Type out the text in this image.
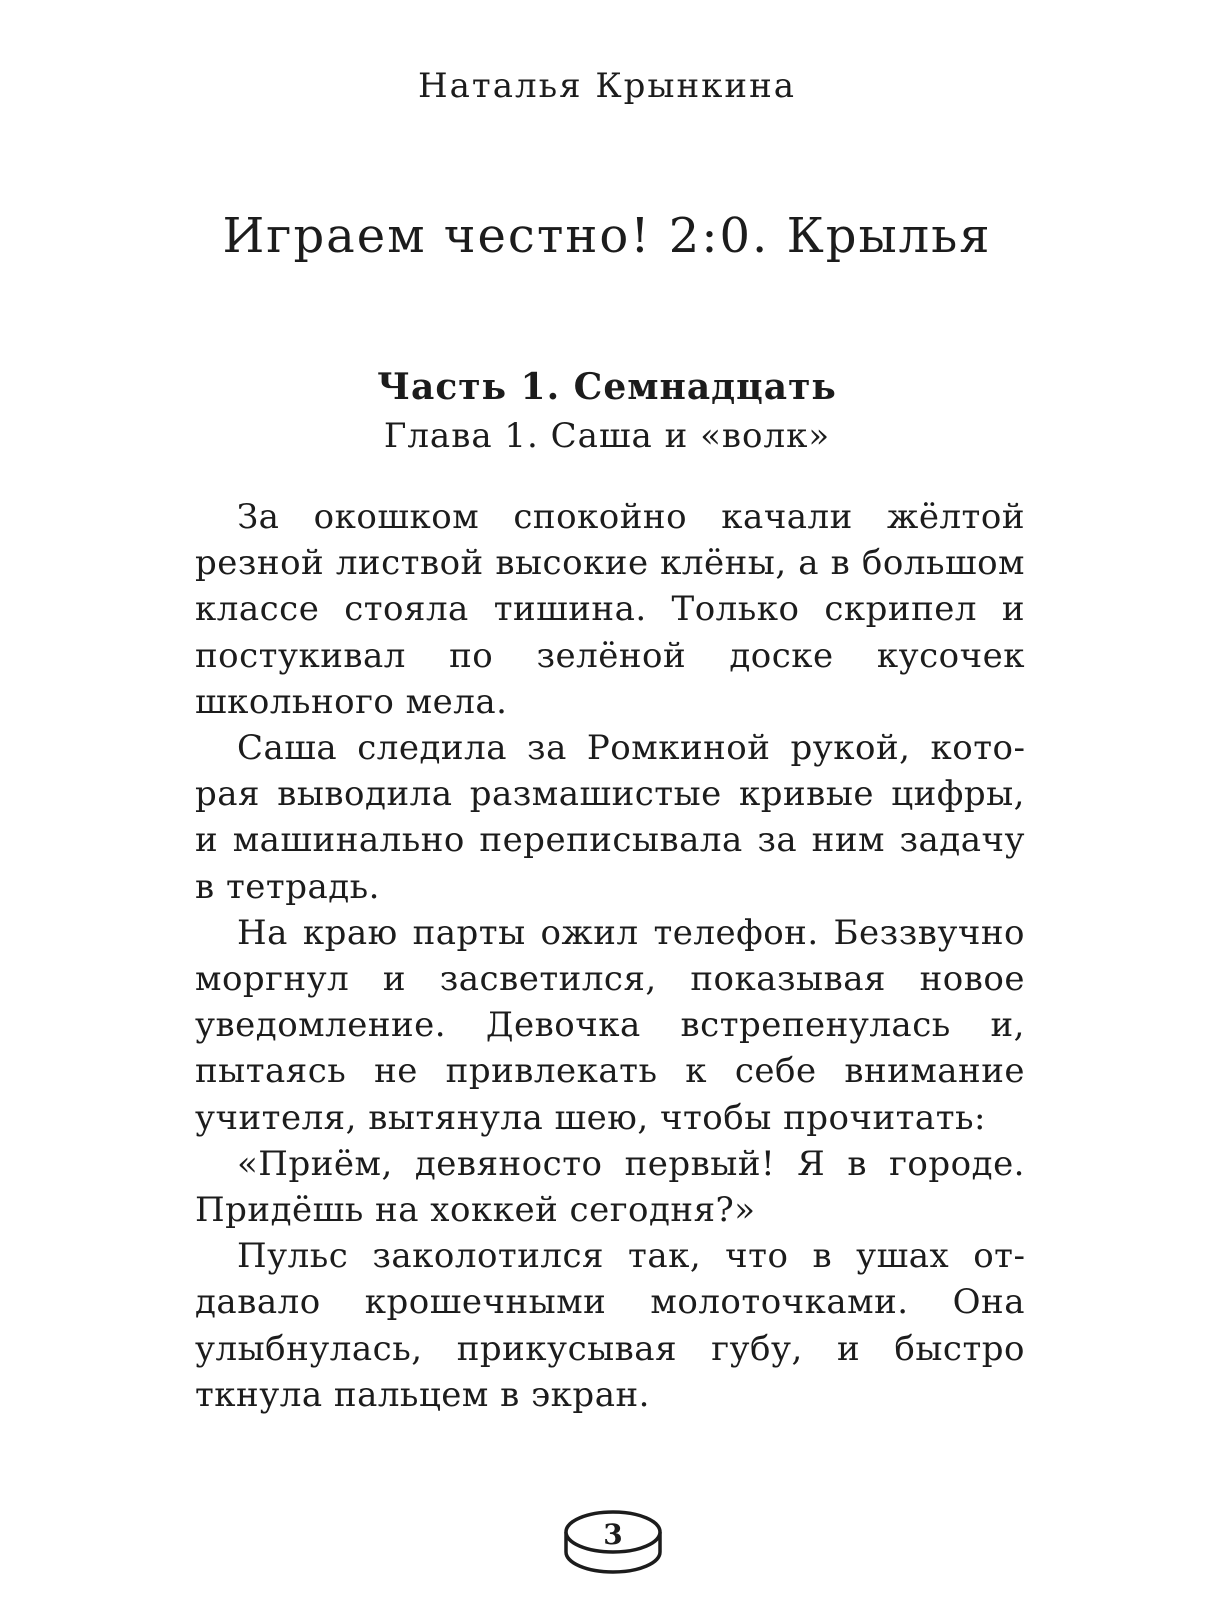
Наталья Крынкина
Играем честно! 2:0. Крылья
Часть 1. Семнадцать
Глава 1. Саша и «волк»

За окошком спокойно качали жёлтой резной листвой высокие клёны, а в большом классе стояла тишина. Только скрипел и постукивал по зелёной доске кусочек школьного мела.

Саша следила за Ромкиной рукой, которая выводила размашистые кривые цифры, и машинально переписывала за ним задачу в тетрадь.

На краю парты ожил телефон. Беззвучно моргнул и засветился, показывая новое уведомление. Девочка встрепенулась и, пытаясь не привлекать к себе внимание учителя, вытянула шею, чтобы прочитать:

«Приём, девяносто первый! Я в городе. Придёшь на хоккей сегодня?»

Пульс заколотился так, что в ушах отдавало крошечными молоточками. Она улыбнулась, прикусывая губу, и быстро ткнула пальцем в экран.

3
